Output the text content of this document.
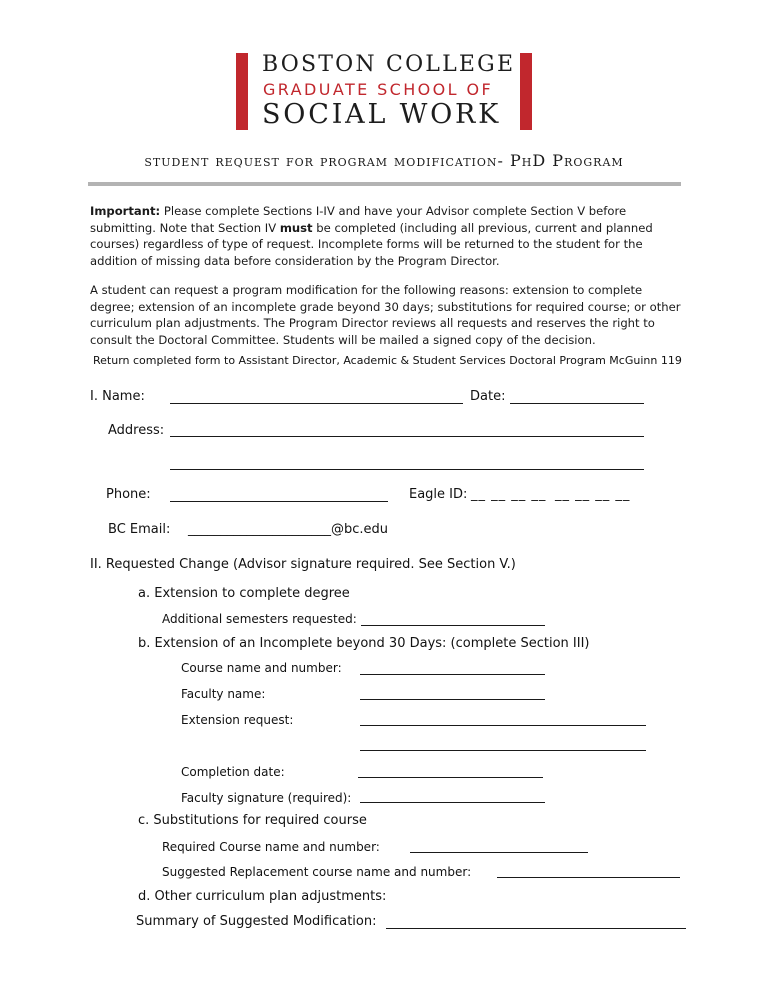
BOSTON COLLEGE
GRADUATE SCHOOL OF
SOCIAL WORK
student request for program modification- PhD Program
Important: Please complete Sections I-IV and have your Advisor complete Section V before submitting. Note that Section IV must be completed (including all previous, current and planned courses) regardless of type of request. Incomplete forms will be returned to the student for the addition of missing data before consideration by the Program Director.
A student can request a program modification for the following reasons: extension to complete degree; extension of an incomplete grade beyond 30 days; substitutions for required course; or other curriculum plan adjustments. The Program Director reviews all requests and reserves the right to consult the Doctoral Committee. Students will be mailed a signed copy of the decision.
Return completed form to Assistant Director, Academic & Student Services Doctoral Program McGuinn 119
I. Name:	Date:
Address:
Phone:	Eagle ID: __ __ __ __ __ __ __ __
BC Email: ______________________@bc.edu
II. Requested Change (Advisor signature required. See Section V.)
a. Extension to complete degree
Additional semesters requested:
b. Extension of an Incomplete beyond 30 Days: (complete Section III)
Course name and number:
Faculty name:
Extension request:
Completion date:
Faculty signature (required):
c. Substitutions for required course
Required Course name and number:
Suggested Replacement course name and number:
d. Other curriculum plan adjustments:
Summary of Suggested Modification:
